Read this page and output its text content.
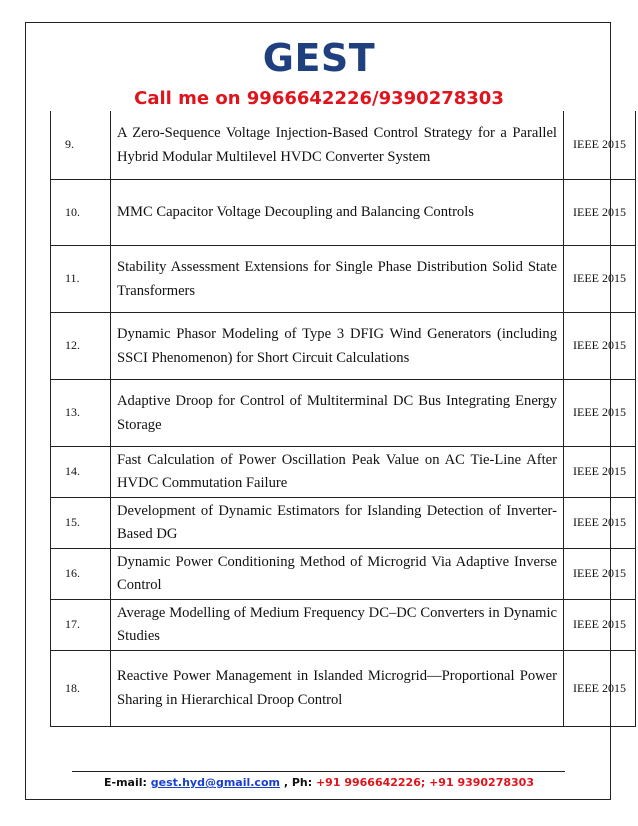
GEST
Call me on 9966642226/9390278303
9.	A Zero-Sequence Voltage Injection-Based Control Strategy for a Parallel Hybrid Modular Multilevel HVDC Converter System	IEEE 2015
10.	MMC Capacitor Voltage Decoupling and Balancing Controls	IEEE 2015
11.	Stability Assessment Extensions for Single Phase Distribution Solid State Transformers	IEEE 2015
12.	Dynamic Phasor Modeling of Type 3 DFIG Wind Generators (including SSCI Phenomenon) for Short Circuit Calculations	IEEE 2015
13.	Adaptive Droop for Control of Multiterminal DC Bus Integrating Energy Storage	IEEE 2015
14.	Fast Calculation of Power Oscillation Peak Value on AC Tie-Line After HVDC Commutation Failure	IEEE 2015
15.	Development of Dynamic Estimators for Islanding Detection of Inverter-Based DG	IEEE 2015
16.	Dynamic Power Conditioning Method of Microgrid Via Adaptive Inverse Control	IEEE 2015
17.	Average Modelling of Medium Frequency DC–DC Converters in Dynamic Studies	IEEE 2015
18.	Reactive Power Management in Islanded Microgrid—Proportional Power Sharing in Hierarchical Droop Control	IEEE 2015
E-mail: gest.hyd@gmail.com , Ph: +91 9966642226; +91 9390278303
